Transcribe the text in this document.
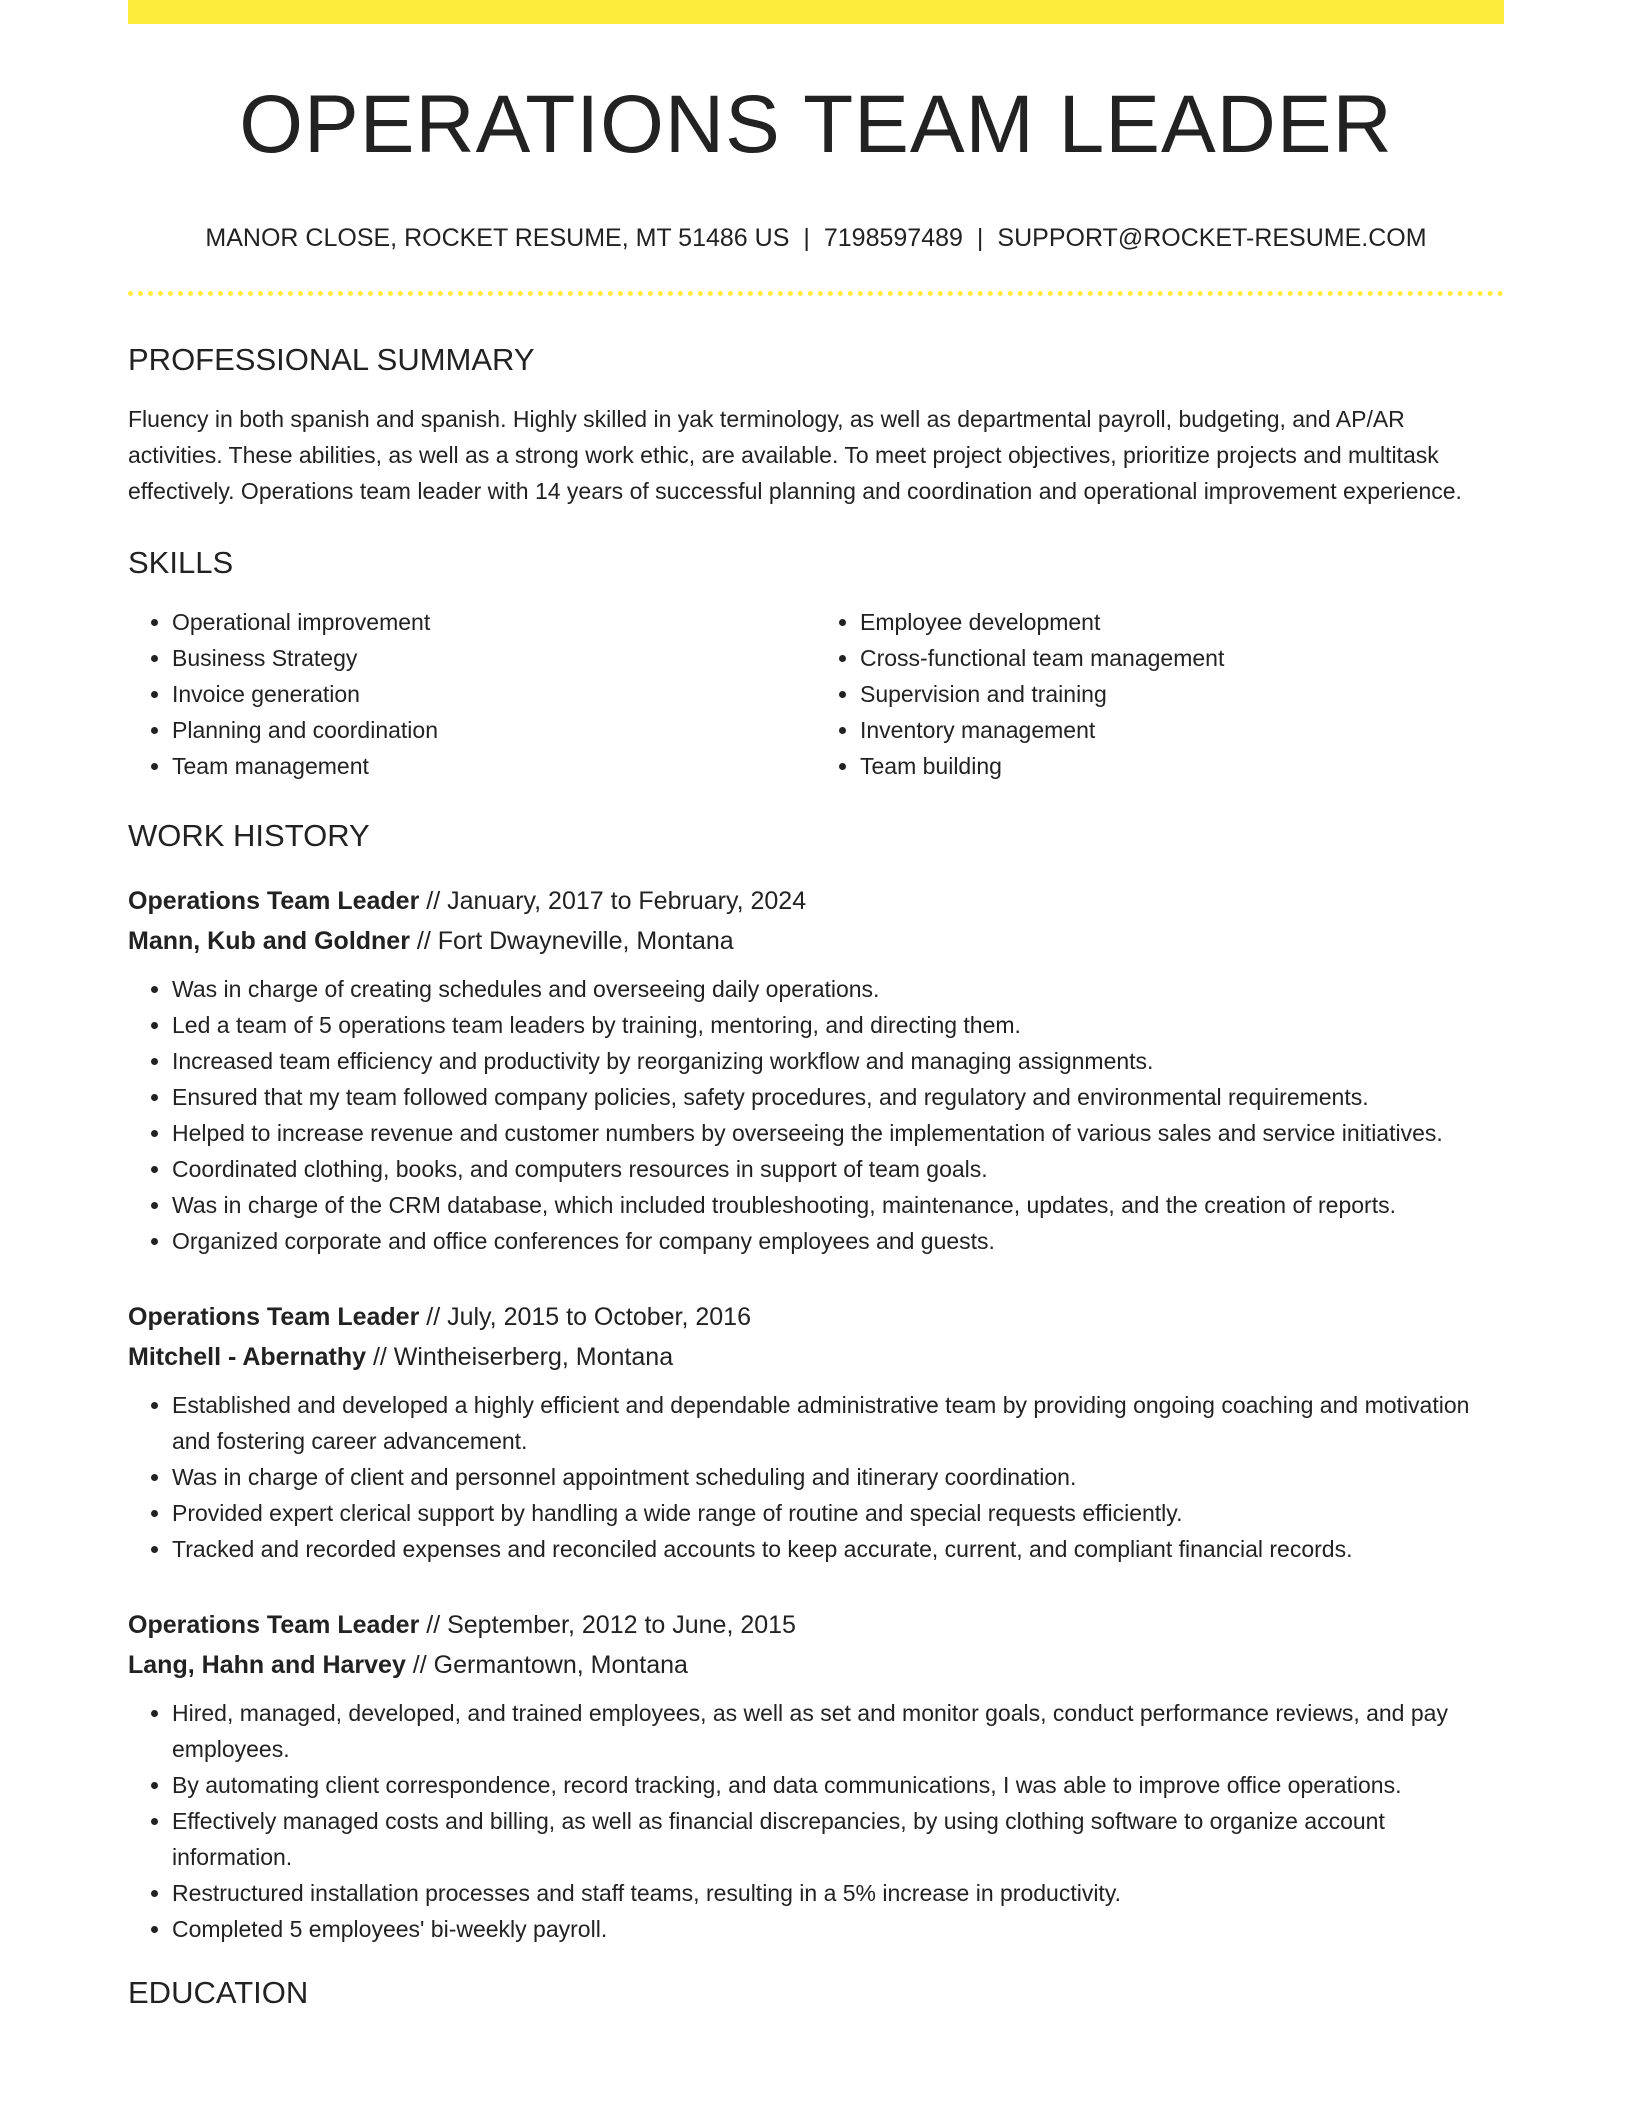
OPERATIONS TEAM LEADER
MANOR CLOSE, ROCKET RESUME, MT 51486 US | 7198597489 | SUPPORT@ROCKET-RESUME.COM
PROFESSIONAL SUMMARY
Fluency in both spanish and spanish. Highly skilled in yak terminology, as well as departmental payroll, budgeting, and AP/AR activities. These abilities, as well as a strong work ethic, are available. To meet project objectives, prioritize projects and multitask effectively. Operations team leader with 14 years of successful planning and coordination and operational improvement experience.
SKILLS
• Operational improvement
• Business Strategy
• Invoice generation
• Planning and coordination
• Team management
• Employee development
• Cross-functional team management
• Supervision and training
• Inventory management
• Team building
WORK HISTORY
Operations Team Leader // January, 2017 to February, 2024
Mann, Kub and Goldner // Fort Dwayneville, Montana
• Was in charge of creating schedules and overseeing daily operations.
• Led a team of 5 operations team leaders by training, mentoring, and directing them.
• Increased team efficiency and productivity by reorganizing workflow and managing assignments.
• Ensured that my team followed company policies, safety procedures, and regulatory and environmental requirements.
• Helped to increase revenue and customer numbers by overseeing the implementation of various sales and service initiatives.
• Coordinated clothing, books, and computers resources in support of team goals.
• Was in charge of the CRM database, which included troubleshooting, maintenance, updates, and the creation of reports.
• Organized corporate and office conferences for company employees and guests.
Operations Team Leader // July, 2015 to October, 2016
Mitchell - Abernathy // Wintheiserberg, Montana
• Established and developed a highly efficient and dependable administrative team by providing ongoing coaching and motivation and fostering career advancement.
• Was in charge of client and personnel appointment scheduling and itinerary coordination.
• Provided expert clerical support by handling a wide range of routine and special requests efficiently.
• Tracked and recorded expenses and reconciled accounts to keep accurate, current, and compliant financial records.
Operations Team Leader // September, 2012 to June, 2015
Lang, Hahn and Harvey // Germantown, Montana
• Hired, managed, developed, and trained employees, as well as set and monitor goals, conduct performance reviews, and pay employees.
• By automating client correspondence, record tracking, and data communications, I was able to improve office operations.
• Effectively managed costs and billing, as well as financial discrepancies, by using clothing software to organize account information.
• Restructured installation processes and staff teams, resulting in a 5% increase in productivity.
• Completed 5 employees' bi-weekly payroll.
EDUCATION
